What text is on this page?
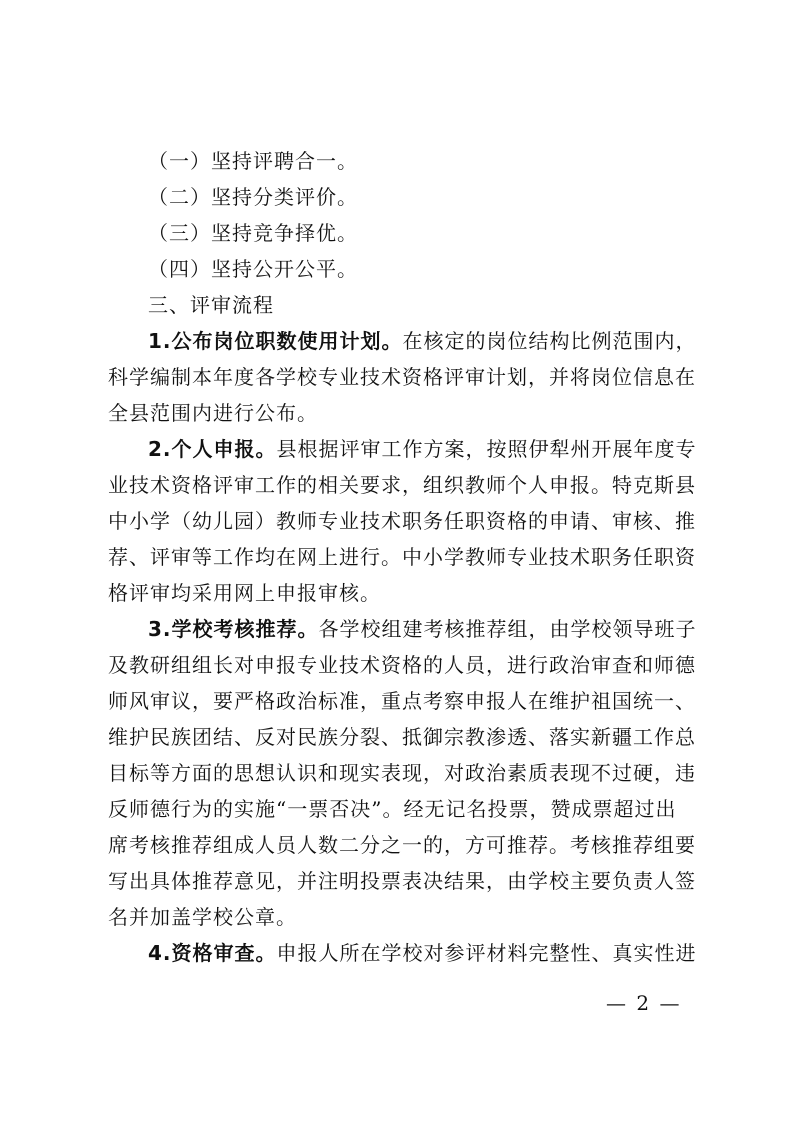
（一）坚持评聘合一。
（二）坚持分类评价。
（三）坚持竞争择优。
（四）坚持公开公平。
三、评审流程
1.公布岗位职数使用计划。在核定的岗位结构比例范围内，
科学编制本年度各学校专业技术资格评审计划，并将岗位信息在
全县范围内进行公布。
2.个人申报。县根据评审工作方案，按照伊犁州开展年度专
业技术资格评审工作的相关要求，组织教师个人申报。特克斯县
中小学（幼儿园）教师专业技术职务任职资格的申请、审核、推
荐、评审等工作均在网上进行。中小学教师专业技术职务任职资
格评审均采用网上申报审核。
3.学校考核推荐。各学校组建考核推荐组，由学校领导班子
及教研组组长对申报专业技术资格的人员，进行政治审查和师德
师风审议，要严格政治标准，重点考察申报人在维护祖国统一、
维护民族团结、反对民族分裂、抵御宗教渗透、落实新疆工作总
目标等方面的思想认识和现实表现，对政治素质表现不过硬，违
反师德行为的实施“一票否决”。经无记名投票，赞成票超过出
席考核推荐组成人员人数二分之一的，方可推荐。考核推荐组要
写出具体推荐意见，并注明投票表决结果，由学校主要负责人签
名并加盖学校公章。
4.资格审查。申报人所在学校对参评材料完整性、真实性进
— 2 —
